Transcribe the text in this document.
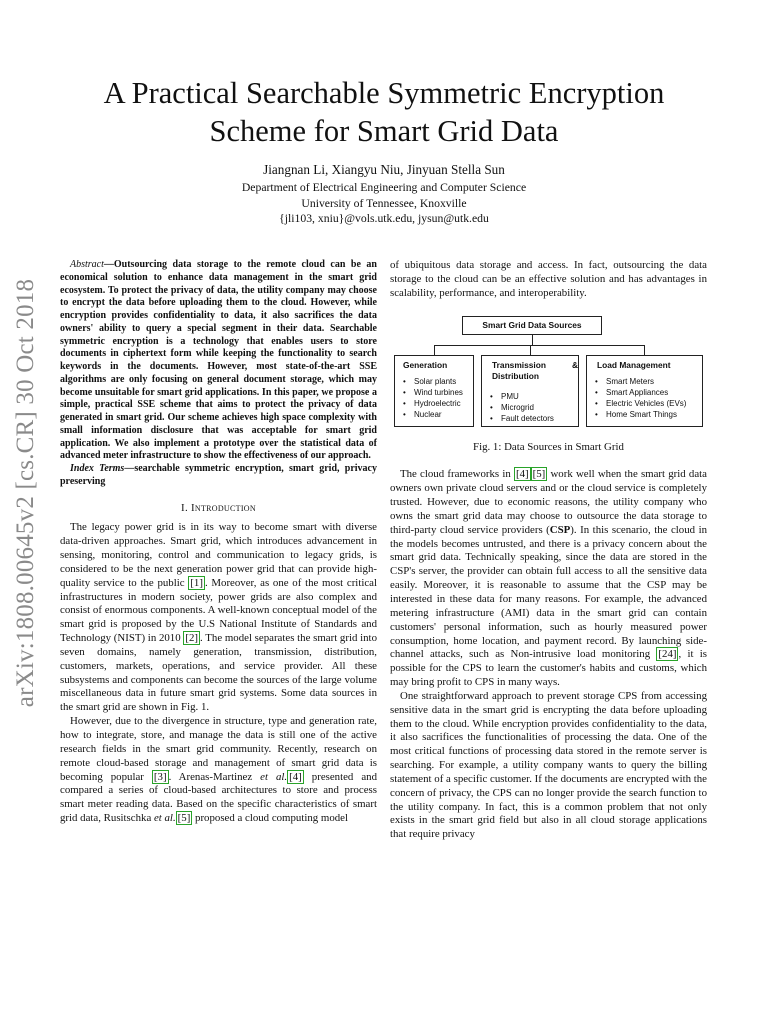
arXiv:1808.00645v2 [cs.CR] 30 Oct 2018
A Practical Searchable Symmetric Encryption
Scheme for Smart Grid Data
Jiangnan Li, Xiangyu Niu, Jinyuan Stella Sun
Department of Electrical Engineering and Computer Science
University of Tennessee, Knoxville
{jli103, xniu}@vols.utk.edu, jysun@utk.edu

Abstract—Outsourcing data storage to the remote cloud can be an economical solution to enhance data management in the smart grid ecosystem. To protect the privacy of data, the utility company may choose to encrypt the data before uploading them to the cloud. However, while encryption provides confidentiality to data, it also sacrifices the data owners' ability to query a special segment in their data. Searchable symmetric encryption is a technology that enables users to store documents in ciphertext form while keeping the functionality to search keywords in the documents. However, most state-of-the-art SSE algorithms are only focusing on general document storage, which may become unsuitable for smart grid applications. In this paper, we propose a simple, practical SSE scheme that aims to protect the privacy of data generated in smart grid. Our scheme achieves high space complexity with small information disclosure that was acceptable for smart grid application. We also implement a prototype over the statistical data of advanced meter infrastructure to show the effectiveness of our approach.

Index Terms—searchable symmetric encryption, smart grid, privacy preserving

I. Introduction

The legacy power grid is in its way to become smart with diverse data-driven approaches. Smart grid, which introduces advancement in sensing, monitoring, control and communication to legacy grids, is considered to be the next generation power grid that can provide high-quality service to the public [1] . Moreover, as one of the most critical infrastructures in modern society, power grids are also complex and consist of enormous components. A well-known conceptual model of the smart grid is proposed by the U.S National Institute of Standards and Technology (NIST) in 2010 [2] . The model separates the smart grid into seven domains, namely generation, transmission, distribution, customers, markets, operations, and service provider. All these subsystems and components can become the sources of the large volume miscellaneous data in future smart grid systems. Some data sources in the smart grid are shown in Fig. 1.

However, due to the divergence in structure, type and generation rate, how to integrate, store, and manage the data is still one of the active research fields in the smart grid community. Recently, research on remote cloud-based storage and management of smart grid data is becoming popular [3] . Arenas-Martinez et al. [4] presented and compared a series of cloud-based architectures to store and process smart meter reading data. Based on the specific characteristics of smart grid data, Rusitschka et al. [5] proposed a cloud computing model

of ubiquitous data storage and access. In fact, outsourcing the data storage to the cloud can be an effective solution and has advantages in scalability, performance, and interoperability.

Smart Grid Data Sources
Generation
• Solar plants
• Wind turbines
• Hydroelectric
• Nuclear
Transmission & Distribution
• PMU
• Microgrid
• Fault detectors
Load Management
• Smart Meters
• Smart Appliances
• Electric Vehicles (EVs)
• Home Smart Things
Fig. 1: Data Sources in Smart Grid

The cloud frameworks in [4] [5] work well when the smart grid data owners own private cloud servers and or the cloud service is completely trusted. However, due to economic reasons, the utility company who owns the smart grid data may choose to outsource the data storage to third-party cloud service providers (CSP). In this scenario, the cloud in the models becomes untrusted, and there is a privacy concern about the smart grid data. Technically speaking, since the data are stored in the CSP's server, the provider can obtain full access to all the sensitive data easily. Moreover, it is reasonable to assume that the CSP may be interested in these data for many reasons. For example, the advanced metering infrastructure (AMI) data in the smart grid can contain customers' personal information, such as hourly measured power consumption, home location, and payment record. By launching side-channel attacks, such as Non-intrusive load monitoring [24] , it is possible for the CPS to learn the customer's habits and customs, which may bring profit to CPS in many ways.

One straightforward approach to prevent storage CPS from accessing sensitive data in the smart grid is encrypting the data before uploading them to the cloud. While encryption provides confidentiality to the data, it also sacrifices the functionalities of processing the data. One of the most critical functions of processing data stored in the remote server is searching. For example, a utility company wants to query the billing statement of a specific customer. If the documents are encrypted with the concern of privacy, the CPS can no longer provide the search function to the utility company. In fact, this is a common problem that not only exists in the smart grid field but also in all cloud storage applications that require privacy
